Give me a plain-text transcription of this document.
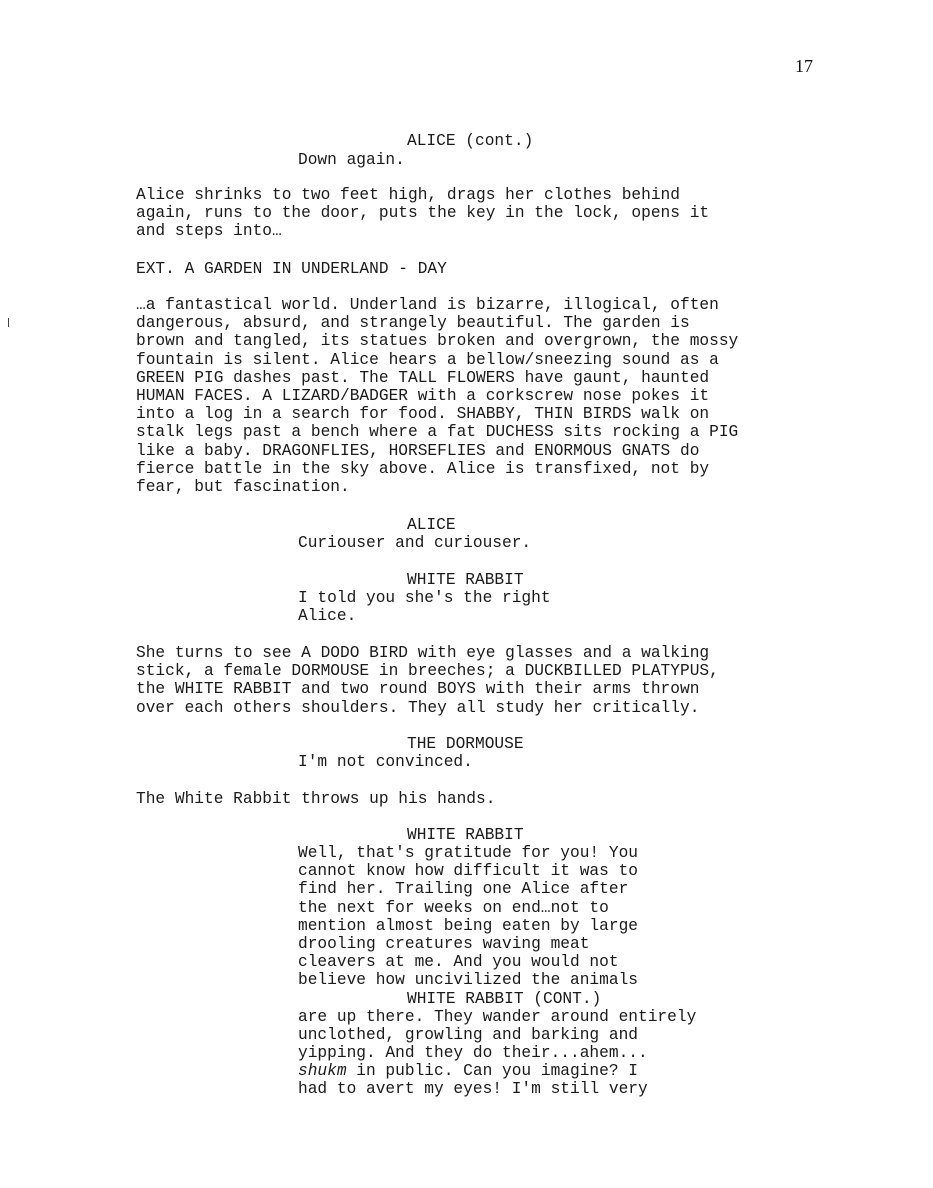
17

ALICE (cont.)

Down again.

Alice shrinks to two feet high, drags her clothes behind
again, runs to the door, puts the key in the lock, opens it
and steps into…

EXT. A GARDEN IN UNDERLAND - DAY

…a fantastical world. Underland is bizarre, illogical, often
dangerous, absurd, and strangely beautiful. The garden is
brown and tangled, its statues broken and overgrown, the mossy
fountain is silent. Alice hears a bellow/sneezing sound as a
GREEN PIG dashes past. The TALL FLOWERS have gaunt, haunted
HUMAN FACES. A LIZARD/BADGER with a corkscrew nose pokes it
into a log in a search for food. SHABBY, THIN BIRDS walk on
stalk legs past a bench where a fat DUCHESS sits rocking a PIG
like a baby. DRAGONFLIES, HORSEFLIES and ENORMOUS GNATS do
fierce battle in the sky above. Alice is transfixed, not by
fear, but fascination.

ALICE

Curiouser and curiouser.

WHITE RABBIT

I told you she's the right
Alice.

She turns to see A DODO BIRD with eye glasses and a walking
stick, a female DORMOUSE in breeches; a DUCKBILLED PLATYPUS,
the WHITE RABBIT and two round BOYS with their arms thrown
over each others shoulders. They all study her critically.

THE DORMOUSE

I'm not convinced.

The White Rabbit throws up his hands.

WHITE RABBIT

Well, that's gratitude for you! You
cannot know how difficult it was to
find her. Trailing one Alice after
the next for weeks on end…not to
mention almost being eaten by large
drooling creatures waving meat
cleavers at me. And you would not
believe how uncivilized the animals

WHITE RABBIT (CONT.)

are up there. They wander around entirely
unclothed, growling and barking and
yipping. And they do their...ahem...

shukm in public. Can you imagine? I

had to avert my eyes! I'm still very
